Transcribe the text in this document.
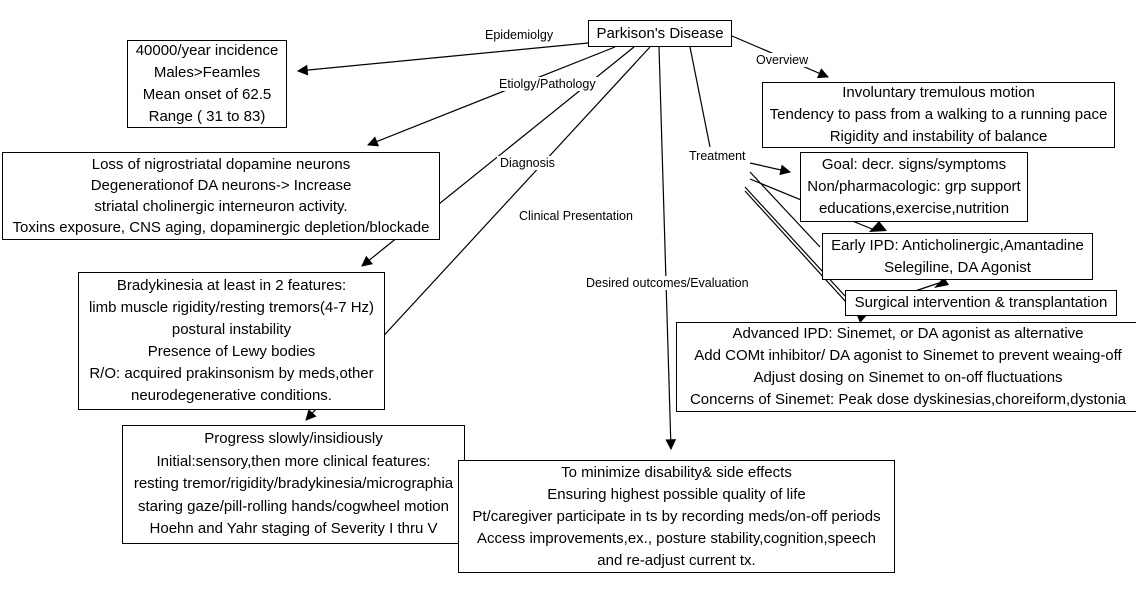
Parkison's Disease
40000/year incidence
Males>Feamles
Mean onset of 62.5
Range ( 31 to 83)
Loss of nigrostriatal dopamine neurons
Degenerationof DA neurons-> Increase
striatal cholinergic interneuron activity.
Toxins exposure, CNS aging, dopaminergic depletion/blockade
Bradykinesia at least in 2 features:
limb muscle rigidity/resting tremors(4-7 Hz)
postural instability
Presence of Lewy bodies
R/O: acquired prakinsonism by meds,other
neurodegenerative conditions.
Progress slowly/insidiously
Initial:sensory,then more clinical features:
resting tremor/rigidity/bradykinesia/micrographia
staring gaze/pill-rolling hands/cogwheel motion
Hoehn and Yahr staging of Severity I thru V
Involuntary tremulous motion
Tendency to pass from a walking to a running pace
Rigidity and instability of balance
Goal: decr. signs/symptoms
Non/pharmacologic: grp support
educations,exercise,nutrition
Early IPD: Anticholinergic,Amantadine
Selegiline, DA Agonist
Surgical intervention & transplantation
Advanced IPD: Sinemet, or DA agonist as alternative
Add COMt inhibitor/ DA agonist to Sinemet to prevent weaing-off
Adjust dosing on Sinemet to on-off fluctuations
Concerns of Sinemet: Peak dose dyskinesias,choreiform,dystonia
To minimize disability& side effects
Ensuring highest possible quality of life
Pt/caregiver participate in ts by recording meds/on-off periods
Access improvements,ex., posture stability,cognition,speech
and re-adjust current tx.
Epidemiolgy
Etiolgy/Pathology
Diagnosis
Clinical Presentation
Treatment
Overview
Desired outcomes/Evaluation
